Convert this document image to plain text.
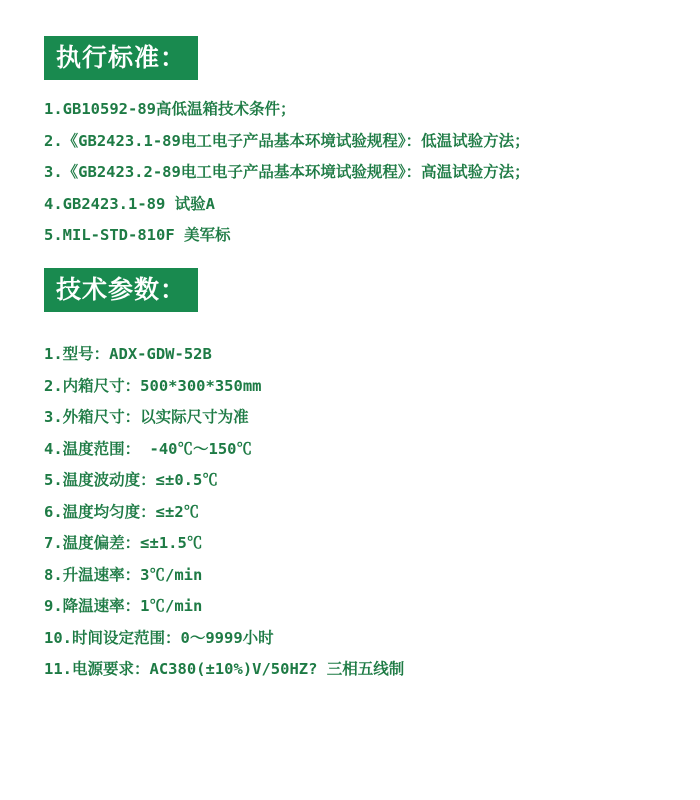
执行标准：
1.GB10592-89高低温箱技术条件；
2.《GB2423.1-89电工电子产品基本环境试验规程》：低温试验方法；
3.《GB2423.2-89电工电子产品基本环境试验规程》：高温试验方法；
4.GB2423.1-89 试验A
5.MIL-STD-810F 美军标
技术参数：
1.型号：ADX-GDW-52B
2.内箱尺寸：500*300*350mm
3.外箱尺寸：以实际尺寸为准
4.温度范围： -40℃～150℃
5.温度波动度：≤±0.5℃
6.温度均匀度：≤±2℃
7.温度偏差：≤±1.5℃
8.升温速率：3℃/min
9.降温速率：1℃/min
10.时间设定范围：0～9999小时
11.电源要求：AC380(±10%)V/50HZ? 三相五线制
